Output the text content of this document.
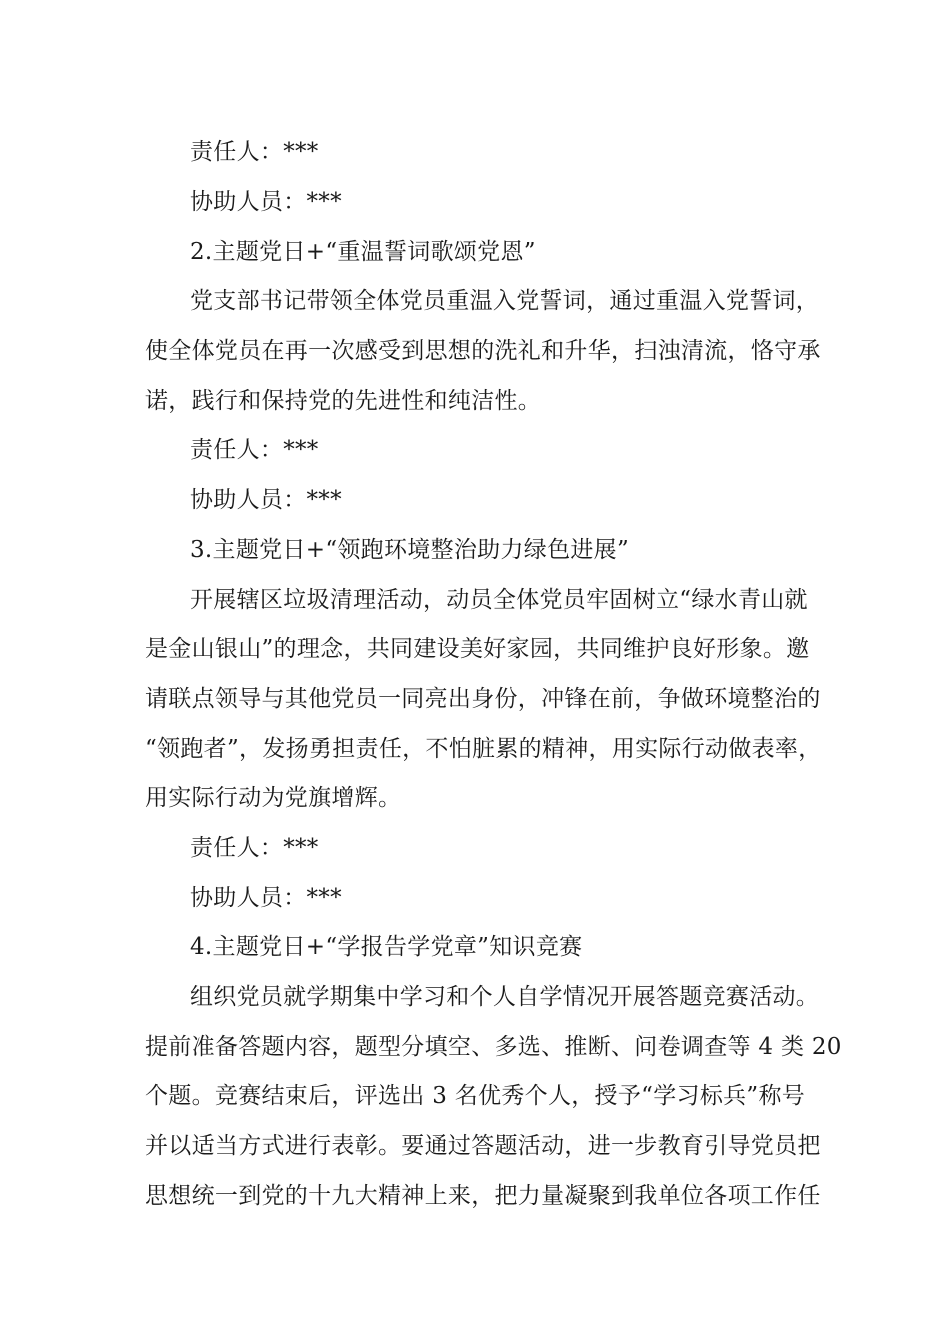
责任人：***
协助人员：***
2.主题党日+“重温誓词歌颂党恩”
党支部书记带领全体党员重温入党誓词，通过重温入党誓词，
使全体党员在再一次感受到思想的洗礼和升华，扫浊清流，恪守承
诺，践行和保持党的先进性和纯洁性。
责任人：***
协助人员：***
3.主题党日+“领跑环境整治助力绿色进展”
开展辖区垃圾清理活动，动员全体党员牢固树立“绿水青山就
是金山银山”的理念，共同建设美好家园，共同维护良好形象。邀
请联点领导与其他党员一同亮出身份，冲锋在前，争做环境整治的
“领跑者”，发扬勇担责任，不怕脏累的精神，用实际行动做表率，
用实际行动为党旗增辉。
责任人：***
协助人员：***
4.主题党日+“学报告学党章”知识竞赛
组织党员就学期集中学习和个人自学情况开展答题竞赛活动。
提前准备答题内容，题型分填空、多选、推断、问卷调查等 4 类 20
个题。竞赛结束后，评选出 3 名优秀个人，授予“学习标兵”称号
并以适当方式进行表彰。要通过答题活动，进一步教育引导党员把
思想统一到党的十九大精神上来，把力量凝聚到我单位各项工作任
